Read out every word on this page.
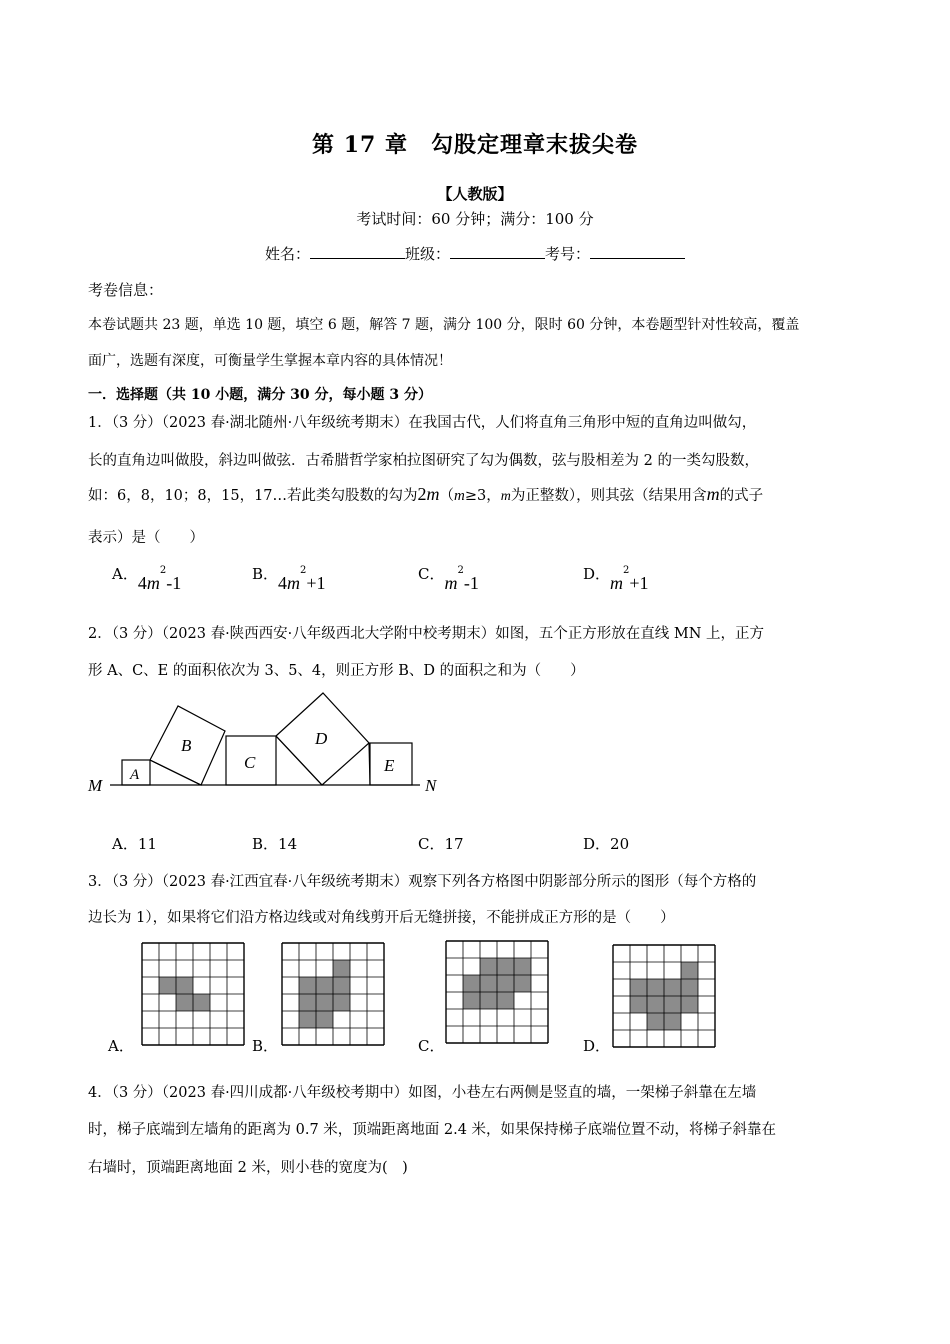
第 17 章　勾股定理章末拔尖卷
【人教版】
考试时间：60 分钟；满分：100 分
姓名：	班级：	考号：
考卷信息：
本卷试题共 23 题，单选 10 题，填空 6 题，解答 7 题，满分 100 分，限时 60 分钟，本卷题型针对性较高，覆盖
面广，选题有深度，可衡量学生掌握本章内容的具体情况！
一．选择题（共 10 小题，满分 30 分，每小题 3 分）
1．（3 分）（2023 春·湖北随州·八年级统考期末）在我国古代，人们将直角三角形中短的直角边叫做勾，
长的直角边叫做股，斜边叫做弦．古希腊哲学家柏拉图研究了勾为偶数，弦与股相差为 2 的一类勾股数，
如：6，8，10；8，15，17…若此类勾股数的勾为2m（m≥3，m为正整数），则其弦（结果用含m的式子
表示）是（　　）
A．$4m^2-1$	B．$4m^2+1$	C．$m^2-1$	D．$m^2+1$
2．（3 分）（2023 春·陕西西安·八年级西北大学附中校考期末）如图，五个正方形放在直线 MN 上，正方
形 A、C、E 的面积依次为 3、5、4，则正方形 B、D 的面积之和为（　　）
M	N
A
B
C
D
E
A．11	B．14	C．17	D．20
3．（3 分）（2023 春·江西宜春·八年级统考期末）观察下列各方格图中阴影部分所示的图形（每个方格的
边长为 1），如果将它们沿方格边线或对角线剪开后无缝拼接，不能拼成正方形的是（　　）
A．	B．	C．	D．
4．（3 分）（2023 春·四川成都·八年级校考期中）如图，小巷左右两侧是竖直的墙，一架梯子斜靠在左墙
时，梯子底端到左墙角的距离为 0.7 米，顶端距离地面 2.4 米，如果保持梯子底端位置不动，将梯子斜靠在
右墙时，顶端距离地面 2 米，则小巷的宽度为(　)
